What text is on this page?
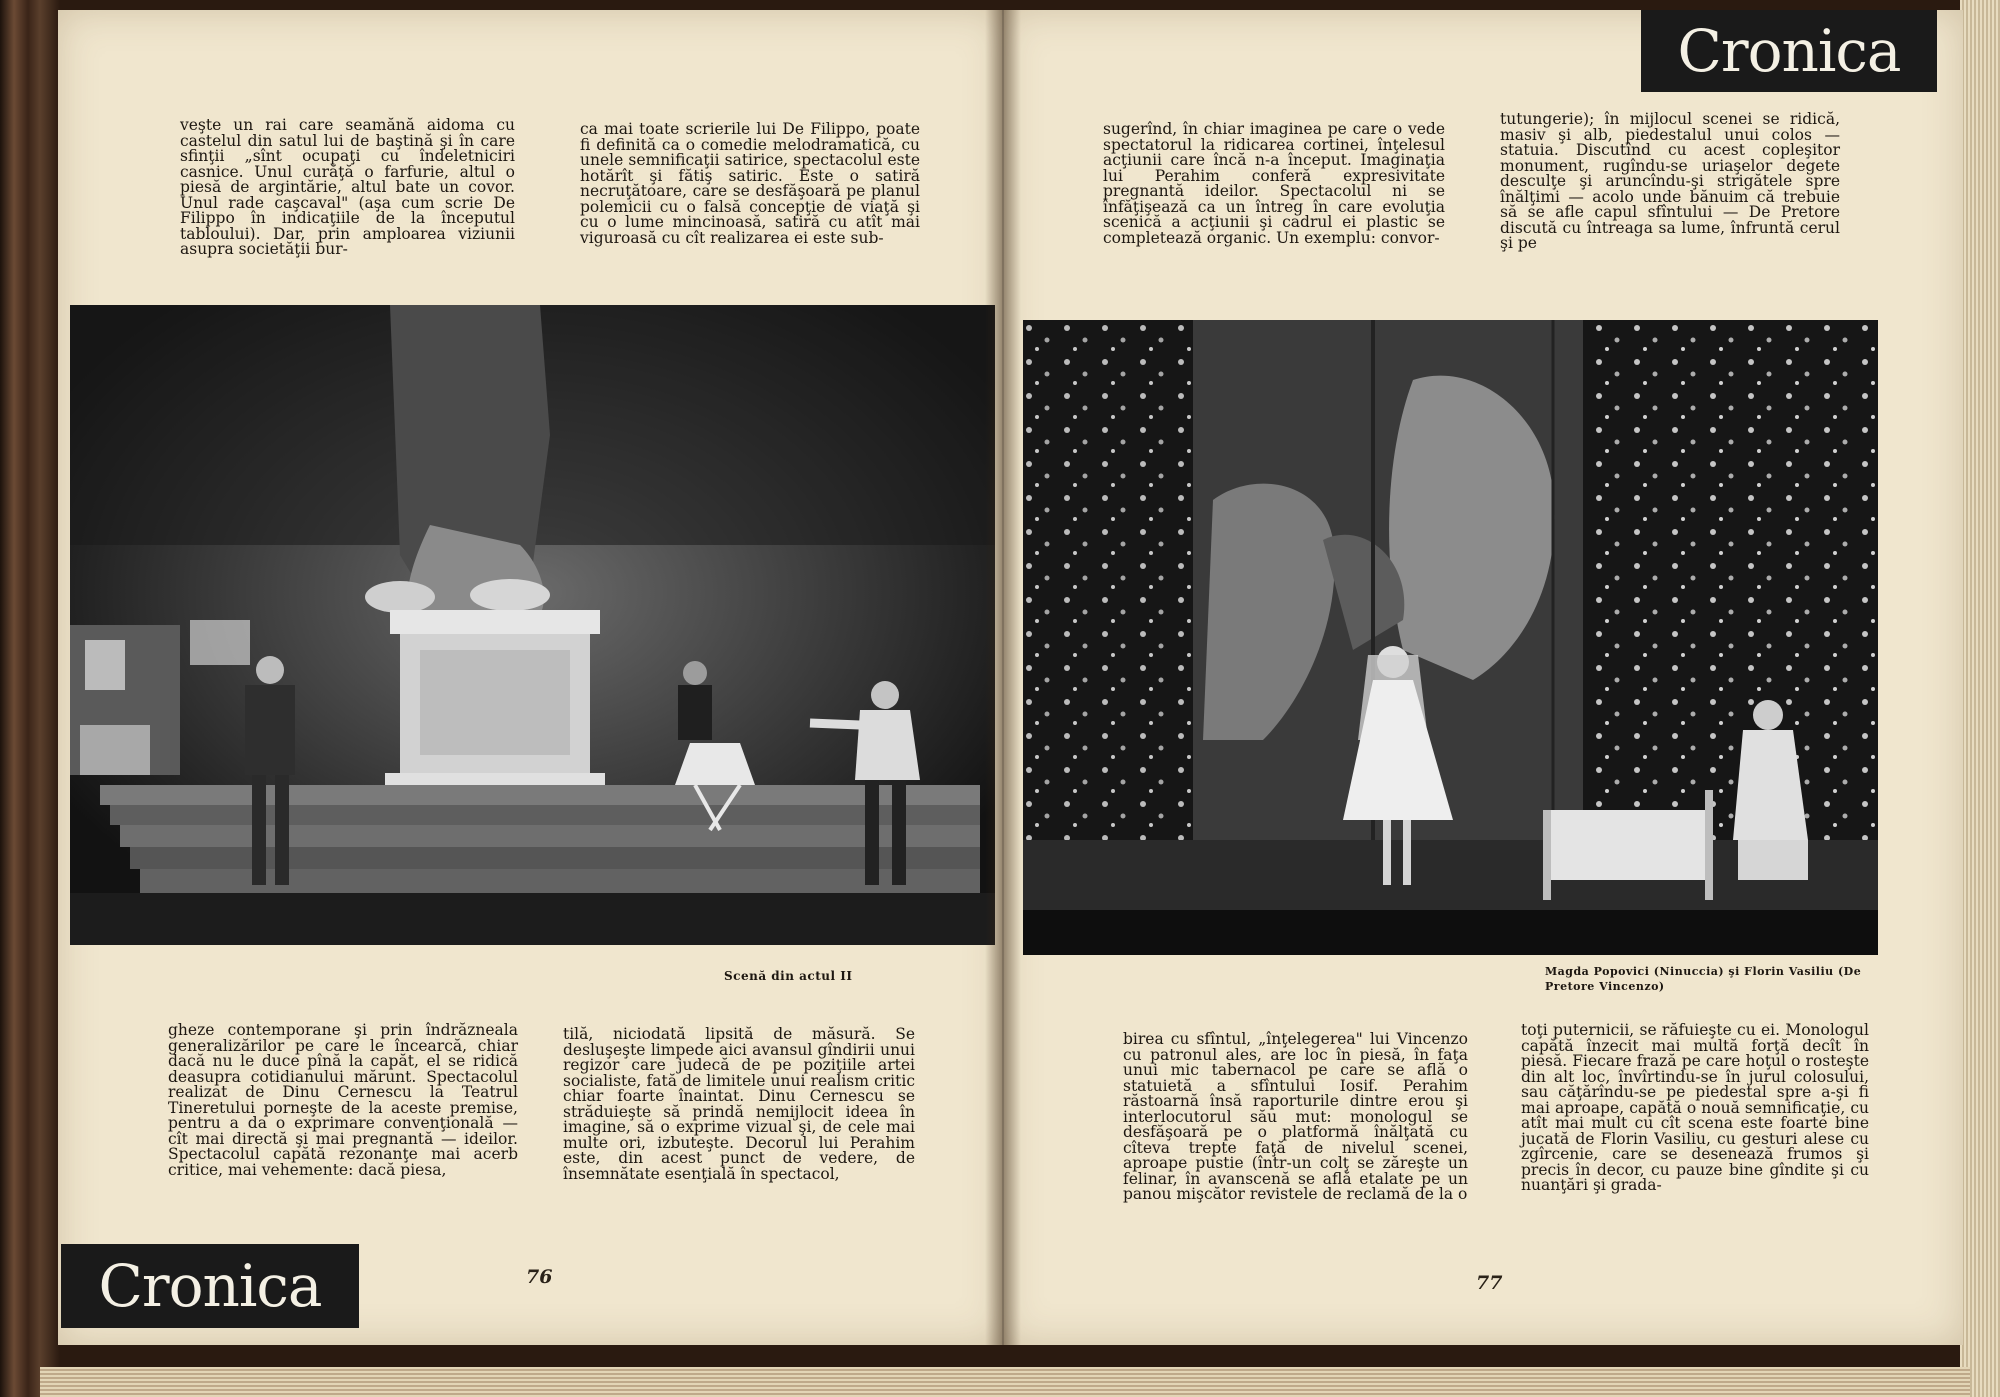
veşte un rai care seamănă aidoma cu castelul din satul lui de baştină şi în care sfinţii „sînt ocupaţi cu îndeletniciri casnice. Unul curăţă o farfurie, altul o piesă de argintărie, altul bate un covor. Unul rade caşcaval" (aşa cum scrie De Filippo în indicaţiile de la începutul tabloului). Dar, prin amploarea viziunii asupra societăţii bur-

ca mai toate scrierile lui De Filippo, poate fi definită ca o comedie melodramatică, cu unele semnificaţii satirice, spectacolul este hotărît şi fătiş satiric. Este o satiră necruţătoare, care se desfăşoară pe planul polemicii cu o falsă concepţie de viaţă şi cu o lume mincinoasă, satiră cu atît mai viguroasă cu cît realizarea ei este sub-

Scenă din actul II

gheze contemporane şi prin îndrăzneala generalizărilor pe care le încearcă, chiar dacă nu le duce pînă la capăt, el se ridică deasupra cotidianului mărunt. Spectacolul realizat de Dinu Cernescu la Teatrul Tineretului porneşte de la aceste premise, pentru a da o exprimare convenţională — cît mai directă şi mai pregnantă — ideilor. Spectacolul capătă rezonanţe mai acerb critice, mai vehemente: dacă piesa,

tilă, niciodată lipsită de măsură. Se desluşeşte limpede aici avansul gîndirii unui regizor care judecă de pe poziţiile artei socialiste, fată de limitele unui realism critic chiar foarte înaintat. Dinu Cernescu se străduieşte să prindă nemijlocit ideea în imagine, să o exprime vizual şi, de cele mai multe ori, izbuteşte. Decorul lui Perahim este, din acest punct de vedere, de însemnătate esenţială în spectacol,

Cronica	76

Cronica

sugerînd, în chiar imaginea pe care o vede spectatorul la ridicarea cortinei, înţelesul acţiunii care încă n-a început. Imaginaţia lui Perahim conferă expresivitate pregnantă ideilor. Spectacolul ni se înfăţişează ca un întreg în care evoluţia scenică a acţiunii şi cadrul ei plastic se completează organic. Un exemplu: convor-

tutungerie); în mijlocul scenei se ridică, masiv şi alb, piedestalul unui colos — statuia. Discutînd cu acest copleşitor monument, rugîndu-se uriaşelor degete desculţe şi aruncîndu-şi strigătele spre înălţimi — acolo unde bănuim că trebuie să se afle capul sfîntului — De Pretore discută cu întreaga sa lume, înfruntă cerul şi pe

Magda Popovici (Ninuccia) şi Florin Vasiliu (De Pretore Vincenzo)

birea cu sfîntul, „înţelegerea" lui Vincenzo cu patronul ales, are loc în piesă, în faţa unui mic tabernacol pe care se află o statuietă a sfîntului Iosif. Perahim răstoarnă însă raporturile dintre erou şi interlocutorul său mut: monologul se desfăşoară pe o platformă înălţată cu cîteva trepte faţă de nivelul scenei, aproape pustie (într-un colţ se zăreşte un felinar, în avanscenă se află etalate pe un panou mişcător revistele de reclamă de la o

toţi puternicii, se răfuieşte cu ei. Monologul capătă înzecit mai multă forţă decît în piesă. Fiecare frază pe care hoţul o rosteşte din alt loc, învîrtindu-se în jurul colosului, sau căţărîndu-se pe piedestal spre a-şi fi mai aproape, capătă o nouă semnificaţie, cu atît mai mult cu cît scena este foarte bine jucată de Florin Vasiliu, cu gesturi alese cu zgîrcenie, care se desenează frumos şi precis în decor, cu pauze bine gîndite şi cu nuanţări şi grada-

77
